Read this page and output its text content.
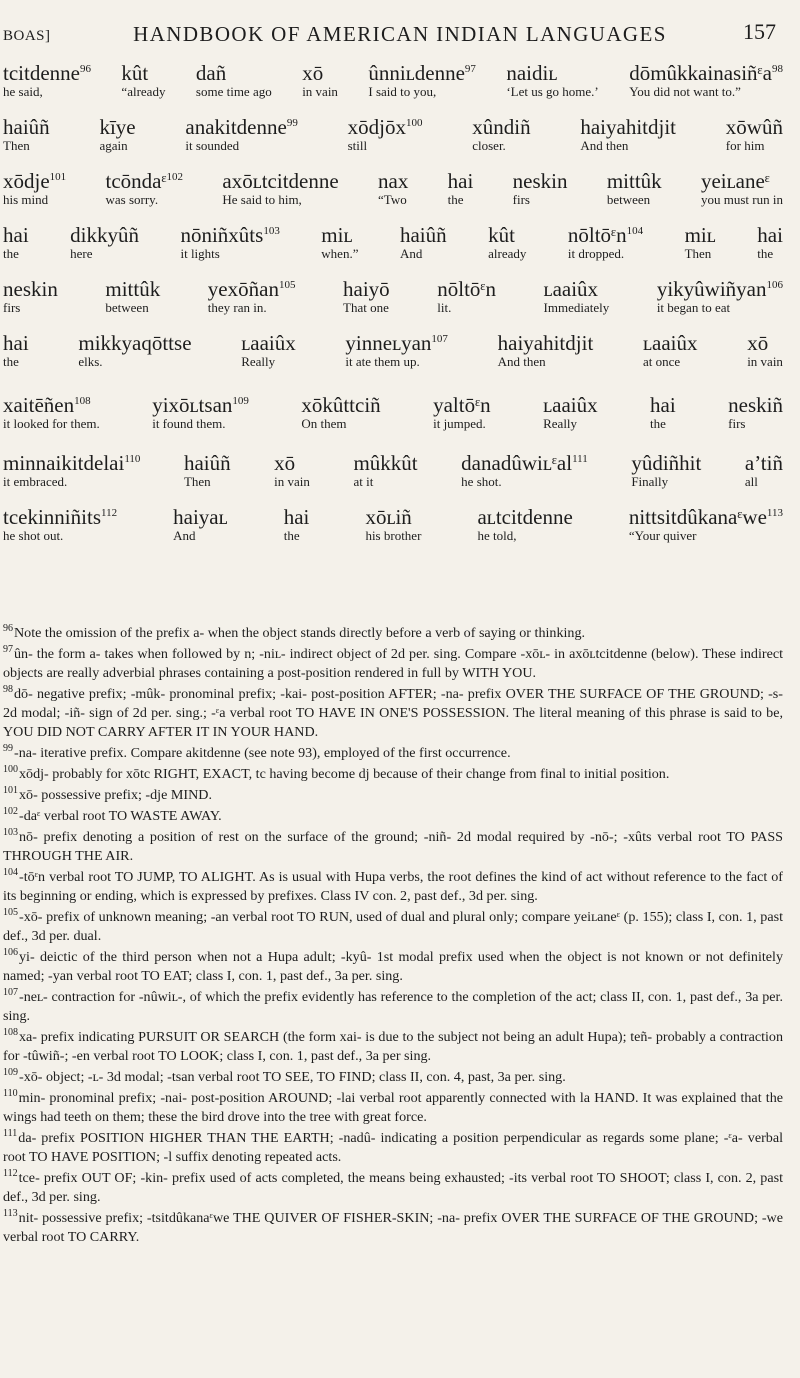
BOAS]	HANDBOOK OF AMERICAN INDIAN LANGUAGES	157
tcitdenne$^{96}$
he said,
kût
“already
dañ
some time ago
xō
in vain
ûnniʟdenne$^{97}$
I said to you,
naidiʟ
‘Let us go home.’
dōmûkkainasiñᵋa$^{98}$
You did not want to.”
haiûñ
Then
kīye
again
anakitdenne$^{99}$
it sounded
xōdjōx$^{100}$
still
xûndiñ
closer.
haiyahitdjit
And then
xōwûñ
for him
xōdje$^{101}$
his mind
tcōndaᵋ$^{102}$
was sorry.
axōʟtcitdenne
He said to him,
nax
“Two
hai
the
neskin
firs
mittûk
between
yeiʟaneᵋ
you must run in
hai
the
dikkyûñ
here
nōniñxûts$^{103}$
it lights
miʟ
when.”
haiûñ
And
kût
already
nōltōᵋn$^{104}$
it dropped.
miʟ
Then
hai
the
neskin
firs
mittûk
between
yexōñan$^{105}$
they ran in.
haiyō
That one
nōltōᵋn
lit.
ʟaaiûx
Immediately
yikyûwiñyan$^{106}$
it began to eat
hai
the
mikkyaqōttse
elks.
ʟaaiûx
Really
yinneʟyan$^{107}$
it ate them up.
haiyahitdjit
And then
ʟaaiûx
at once
xō
in vain
xaitēñen$^{108}$
it looked for them.
yixōʟtsan$^{109}$
it found them.
xōkûttciñ
On them
yaltōᵋn
it jumped.
ʟaaiûx
Really
hai
the
neskiñ
firs
minnaikitdelai$^{110}$
it embraced.
haiûñ
Then
xō
in vain
mûkkût
at it
danadûwiʟᵋal$^{111}$
he shot.
yûdiñhit
Finally
a’tiñ
all
tcekinniñits$^{112}$
he shot out.
haiyaʟ
And
hai
the
xōʟiñ
his brother
aʟtcitdenne
he told,
nittsitdûkanaᵋwe$^{113}$
“Your quiver

$^{96}$Note the omission of the prefix a- when the object stands directly before a verb of saying or thinking.

$^{97}$ûn- the form a- takes when followed by n; -niʟ- indirect object of 2d per. sing. Compare -xōʟ- in axōʟtcitdenne (below). These indirect objects are really adverbial phrases containing a post-position rendered in full by WITH YOU.

$^{98}$dō- negative prefix; -mûk- pronominal prefix; -kai- post-position AFTER; -na- prefix OVER THE SURFACE OF THE GROUND; -s- 2d modal; -iñ- sign of 2d per. sing.; -ᵋa verbal root TO HAVE IN ONE'S POSSESSION. The literal meaning of this phrase is said to be, YOU DID NOT CARRY AFTER IT IN YOUR HAND.

$^{99}$-na- iterative prefix. Compare akitdenne (see note 93), employed of the first occurrence.

$^{100}$xōdj- probably for xōtc RIGHT, EXACT, tc having become dj because of their change from final to initial position.

$^{101}$xō- possessive prefix; -dje MIND.

$^{102}$-daᵋ verbal root TO WASTE AWAY.

$^{103}$nō- prefix denoting a position of rest on the surface of the ground; -niñ- 2d modal required by -nō-; -xûts verbal root TO PASS THROUGH THE AIR.

$^{104}$-tōᵋn verbal root TO JUMP, TO ALIGHT. As is usual with Hupa verbs, the root defines the kind of act without reference to the fact of its beginning or ending, which is expressed by prefixes. Class IV con. 2, past def., 3d per. sing.

$^{105}$-xō- prefix of unknown meaning; -an verbal root TO RUN, used of dual and plural only; compare yeiʟaneᵋ (p. 155); class I, con. 1, past def., 3d per. dual.

$^{106}$yi- deictic of the third person when not a Hupa adult; -kyû- 1st modal prefix used when the object is not known or not definitely named; -yan verbal root TO EAT; class I, con. 1, past def., 3a per. sing.

$^{107}$-neʟ- contraction for -nûwiʟ-, of which the prefix evidently has reference to the completion of the act; class II, con. 1, past def., 3a per. sing.

$^{108}$xa- prefix indicating PURSUIT OR SEARCH (the form xai- is due to the subject not being an adult Hupa); teñ- probably a contraction for -tûwiñ-; -en verbal root TO LOOK; class I, con. 1, past def., 3a per sing.

$^{109}$-xō- object; -ʟ- 3d modal; -tsan verbal root TO SEE, TO FIND; class II, con. 4, past, 3a per. sing.

$^{110}$min- pronominal prefix; -nai- post-position AROUND; -lai verbal root apparently connected with la HAND. It was explained that the wings had teeth on them; these the bird drove into the tree with great force.

$^{111}$da- prefix POSITION HIGHER THAN THE EARTH; -nadû- indicating a position perpendicular as regards some plane; -ᵋa- verbal root TO HAVE POSITION; -l suffix denoting repeated acts.

$^{112}$tce- prefix OUT OF; -kin- prefix used of acts completed, the means being exhausted; -its verbal root TO SHOOT; class I, con. 2, past def., 3d per. sing.

$^{113}$nit- possessive prefix; -tsitdûkanaᵋwe THE QUIVER OF FISHER-SKIN; -na- prefix OVER THE SURFACE OF THE GROUND; -we verbal root TO CARRY.
